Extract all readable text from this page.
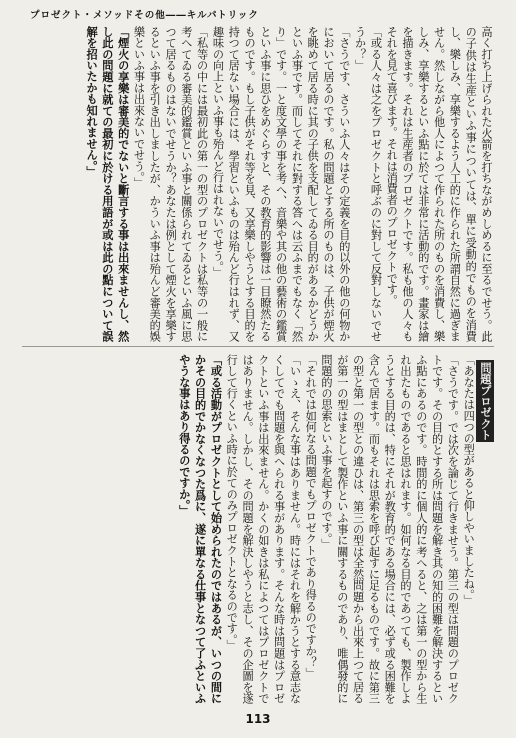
プロゼクト・メソッドその他――キルパトリック

高く打ち上げられた火箭を打ちながめしめるに至るでせう。此の子供は生産といふ事については、單に受動的でものを消費し、樂しみ、享樂するよう人工的に作られた所謂自然に過ぎません。然しながら他人によつて作られた所のものを消費し、樂しみ、享樂するといふ點に於ては非常に活動的です。畫家は繪を描きます。それは生産者のプロゼクトです。私も他の人々もそれを見て喜びます。それは消費者のプロゼクトです。

「或る人々は之をプロゼクトと呼ぶのに對して反對しないでせうか？」

「さうです、さういふ人々はその定義を目的以外の他の何物かにおいて居るのです。私の問題とする所のものは、子供が煙火を眺めて居る時に其の子供を支配してゐる目的があるかどうかといふ事です。而してそれに對する答へは云ふまでもなく「然り」です。一と度文學の事を考へ、音樂や其の他の藝術の鑑賞といふ事に思ひをめぐらすと、その教育的影響は一目瞭然たるものです。もし子供がそれ等を見、又享樂しやうとする目的を持つて居ない場合には、學習といふものは殆んど行はれず、又趣味の向上といふ事も殆んど行はれないでせう。」

「私等の中には最初此の第一の型のプロゼクトは私等の一般に考へてゐる審美的鑑賞といふ事と關係られてゐるといふ風に思つて居るものはないでせうか？あなたは例として煙火を享樂するといふ事を引き出しましたが、かういふ事は殆んど審美的娛樂といふ事は出來ないでせう。」

「煙火の享樂は審美的でないと斷言する事は出來ませんし、然し此の問題に就ての最初に於ける用語が或は此の點について誤解を招いたかも知れません。」

問題プロゼクト

「あなたは四つの型があると仰しやいましたね。」

「さうです。では次を論じて行きませう。第三の型は問題のプロゼクトです。その目的とする所は問題を解き其の知的困難を解決するといふ點にあるのです。時間的に個人的に考へると、之は第一の型から生れ出たものであると思はれます。如何なる目的であつても、製作しようとする目的は、特にそれが教育的である場合には、必ず或る困難を含んで居ます。而もそれは思索を呼び起すに足るものです。故に第三の型と第一の型との違ひは、第三の型は全然問題から出來上つて居るが第一の型はまとして製作といふ事に關するものであり、唯偶發的に問題的の思索といふ事を起すのです。」

「それでは如何なる問題でもプロゼクトであり得るのですか？」

「いゝえ、そんな事はありません。時にはそれを解かうとする意志なくしてでも問題を與へられる事があります。そんな時は問題はプロゼクトといふ事は出來ません。かくの如きは私によつてはプロゼクトではありません。しかし、その問題を解決しやうと志し、その企圖を遂行して行くといふ時に於てのみプロゼクトとなるのです。」

「或る活動がプロゼクトとして始められたのではあるが、いつの間にかその目的でかなくなつた爲に、遂に單なる仕事となつて了ふといふやうな事はあり得るのですか。」

113
